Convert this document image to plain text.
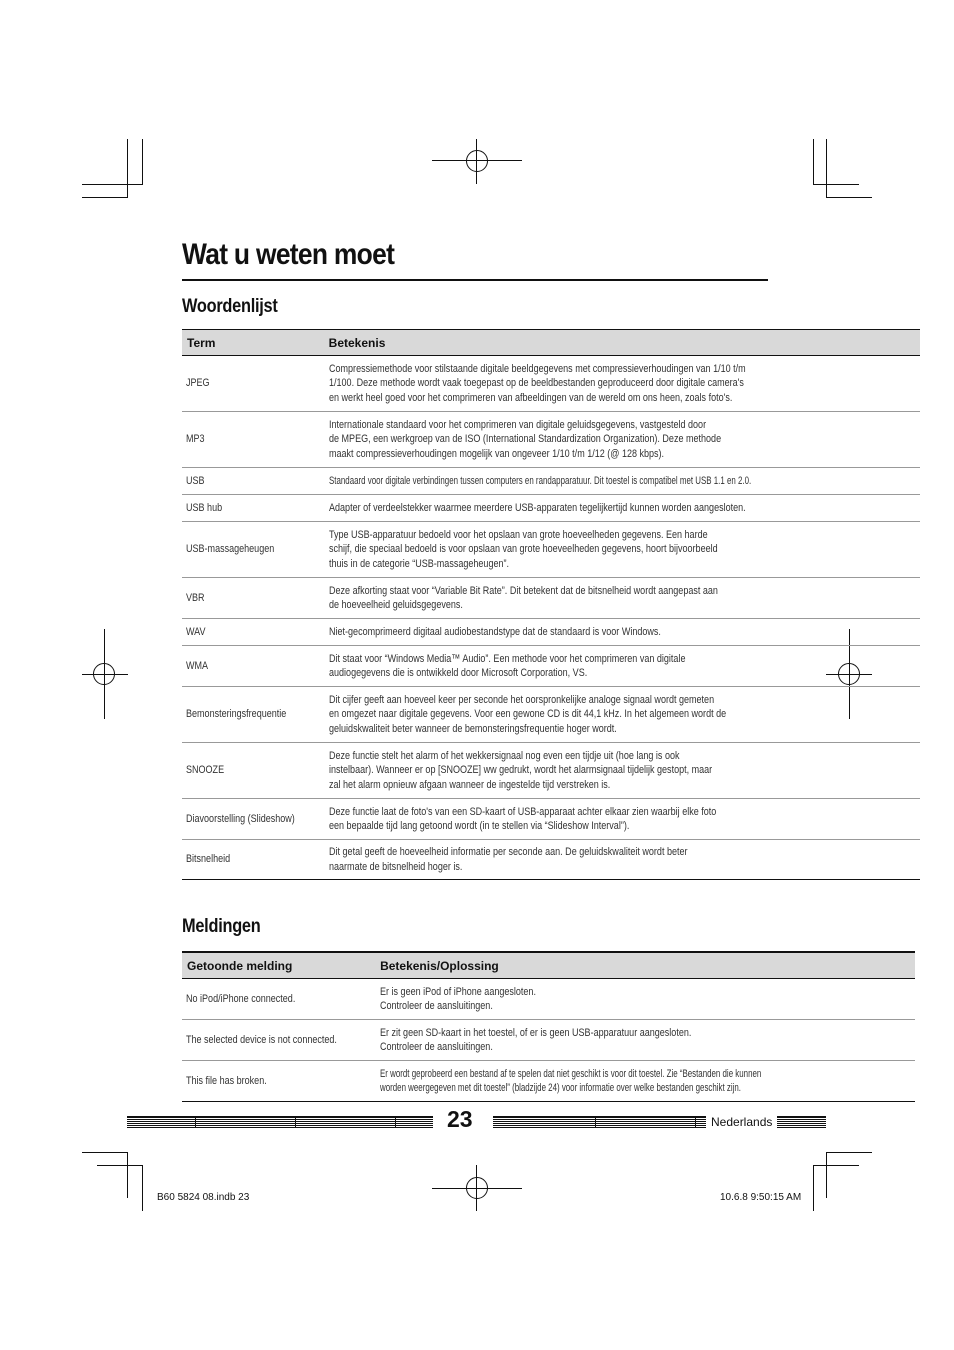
Wat u weten moet
Woordenlijst
Term		Betekenis
JPEG		Compressiemethode voor stilstaande digitale beeldgegevens met compressieverhoudingen van 1/10 t/m
1/100. Deze methode wordt vaak toegepast op de beeldbestanden geproduceerd door digitale camera's
en werkt heel goed voor het comprimeren van afbeeldingen van de wereld om ons heen, zoals foto's.

MP3		Internationale standaard voor het comprimeren van digitale geluidsgegevens, vastgesteld door
de MPEG, een werkgroep van de ISO (International Standardization Organization). Deze methode
maakt compressieverhoudingen mogelijk van ongeveer 1/10 t/m 1/12 (@ 128 kbps).

USB		Standaard voor digitale verbindingen tussen computers en randapparatuur. Dit toestel is compatibel met USB 1.1 en 2.0.

USB hub		Adapter of verdeelstekker waarmee meerdere USB-apparaten tegelijkertijd kunnen worden aangesloten.

USB-massageheugen		Type USB-apparatuur bedoeld voor het opslaan van grote hoeveelheden gegevens. Een harde
schijf, die speciaal bedoeld is voor opslaan van grote hoeveelheden gegevens, hoort bijvoorbeeld
thuis in de categorie “USB-massageheugen”.

VBR		Deze afkorting staat voor “Variable Bit Rate”. Dit betekent dat de bitsnelheid wordt aangepast aan
de hoeveelheid geluidsgegevens.

WAV		Niet-gecomprimeerd digitaal audiobestandstype dat de standaard is voor Windows.

WMA		Dit staat voor “Windows Media™ Audio”. Een methode voor het comprimeren van digitale
audiogegevens die is ontwikkeld door Microsoft Corporation, VS.

Bemonsteringsfrequentie		Dit cijfer geeft aan hoeveel keer per seconde het oorspronkelijke analoge signaal wordt gemeten
en omgezet naar digitale gegevens. Voor een gewone CD is dit 44,1 kHz. In het algemeen wordt de
geluidskwaliteit beter wanneer de bemonsteringsfrequentie hoger wordt.

SNOOZE		Deze functie stelt het alarm of het wekkersignaal nog even een tijdje uit (hoe lang is ook
instelbaar). Wanneer er op [SNOOZE] ww gedrukt, wordt het alarmsignaal tijdelijk gestopt, maar
zal het alarm opnieuw afgaan wanneer de ingestelde tijd verstreken is.

Diavoorstelling (Slideshow)		Deze functie laat de foto's van een SD-kaart of USB-apparaat achter elkaar zien waarbij elke foto
een bepaalde tijd lang getoond wordt (in te stellen via “Slideshow Interval”).

Bitsnelheid		Dit getal geeft de hoeveelheid informatie per seconde aan. De geluidskwaliteit wordt beter
naarmate de bitsnelheid hoger is.
Meldingen
Getoonde melding		Betekenis/Oplossing
No iPod/iPhone connected.		Er is geen iPod of iPhone aangesloten.
Controleer de aansluitingen.

The selected device is not connected.		Er zit geen SD-kaart in het toestel, of er is geen USB-apparatuur aangesloten.
Controleer de aansluitingen.

This file has broken.		Er wordt geprobeerd een bestand af te spelen dat niet geschikt is voor dit toestel. Zie “Bestanden die kunnen
worden weergegeven met dit toestel” (bladzijde 24) voor informatie over welke bestanden geschikt zijn.
23	Nederlands
B60 5824 08.indb 23	10.6.8 9:50:15 AM
